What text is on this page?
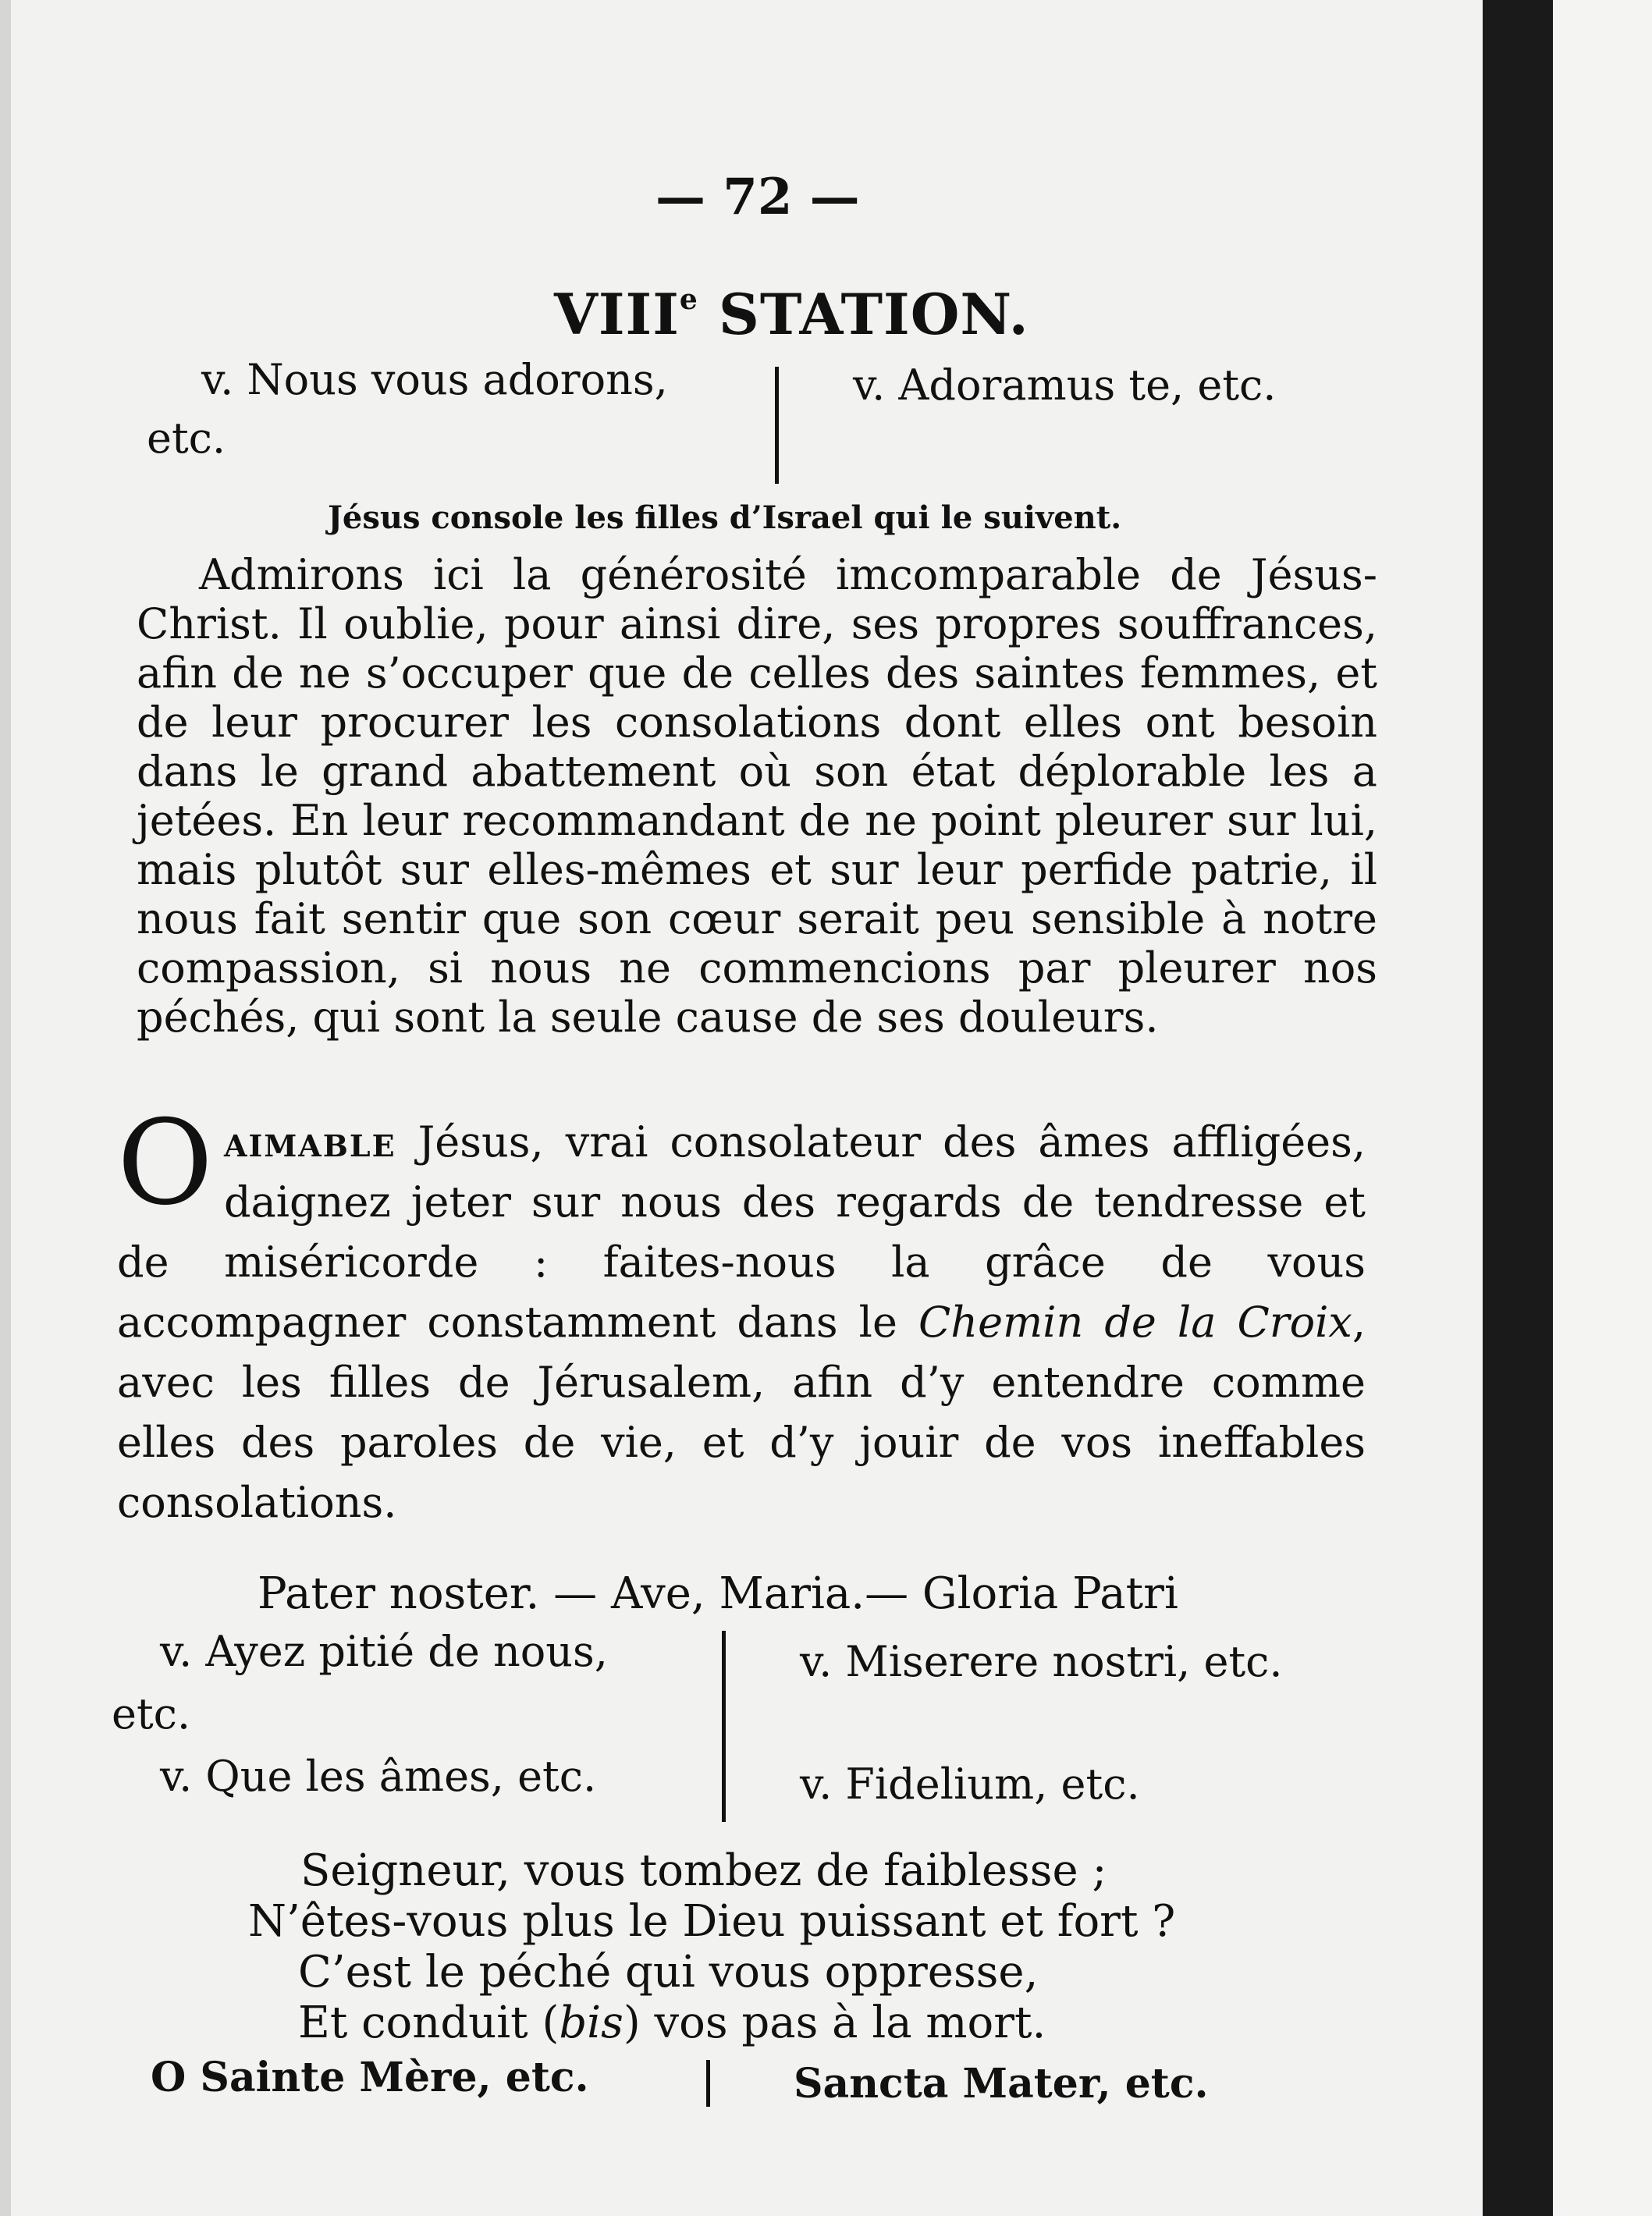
— 72 —
VIIIe STATION.
v. Nous vous adorons,
etc.
v. Adoramus te, etc.
Jésus console les filles d’Israel qui le suivent.

Admirons ici la générosité imcomparable de Jésus-Christ. Il oublie, pour ainsi dire, ses propres souffrances, afin de ne s’occuper que de celles des saintes femmes, et de leur procurer les consolations dont elles ont besoin dans le grand abattement où son état déplorable les a jetées. En leur recommandant de ne point pleurer sur lui, mais plutôt sur elles-mêmes et sur leur perfide patrie, il nous fait sentir que son cœur serait peu sensible à notre compassion, si nous ne commencions par pleurer nos péchés, qui sont la seule cause de ses douleurs.

Oaimable Jésus, vrai consolateur des âmes affligées, daignez jeter sur nous des regards de tendresse et de miséricorde : faites-nous la grâce de vous accompagner constamment dans le Chemin de la Croix, avec les filles de Jérusalem, afin d’y entendre comme elles des paroles de vie, et d’y jouir de vos ineffables consolations.
Pater noster. — Ave, Maria.— Gloria Patri
v. Ayez pitié de nous,
etc.
v. Que les âmes, etc.
v. Miserere nostri, etc.
v. Fidelium, etc.
Seigneur, vous tombez de faiblesse ;
N’êtes-vous plus le Dieu puissant et fort ?
C’est le péché qui vous oppresse,
Et conduit (bis) vos pas à la mort.
O Sainte Mère, etc.	Sancta Mater, etc.
